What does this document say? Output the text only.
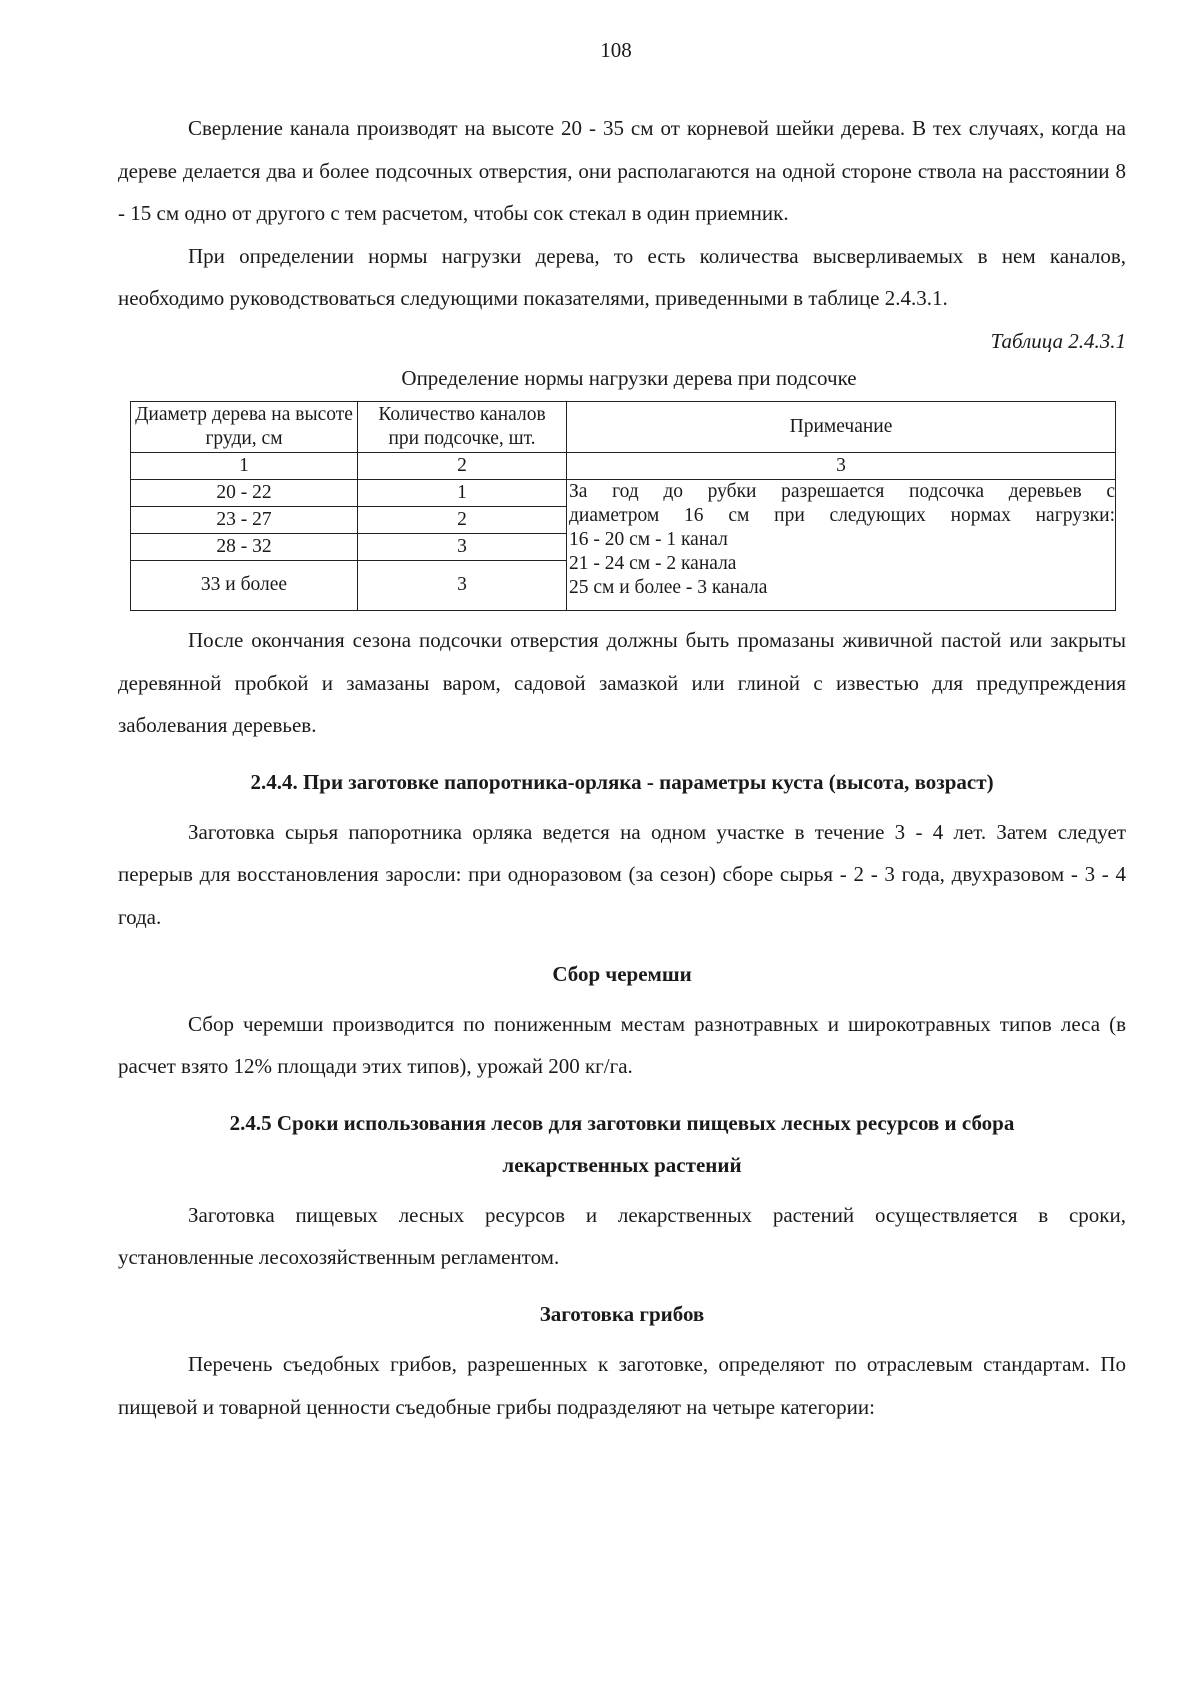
108

Сверление канала производят на высоте 20 - 35 см от корневой шейки дерева. В тех случаях, когда на дереве делается два и более подсочных отверстия, они располагаются на одной стороне ствола на расстоянии 8 - 15 см одно от другого с тем расчетом, чтобы сок стекал в один приемник.

При определении нормы нагрузки дерева, то есть количества высверливаемых в нем каналов, необходимо руководствоваться следующими показателями, приведенными в таблице 2.4.3.1.

Таблица 2.4.3.1

Определение нормы нагрузки дерева при подсочке

Диаметр дерева на высоте груди, см	Количество каналов при подсочке, шт.	Примечание
1	2	3
20 - 22	1	За год до рубки разрешается подсочка деревьев с
диаметром 16 см при следующих нормах нагрузки:
16 - 20 см - 1 канал
21 - 24 см - 2 канала
25 см и более - 3 канала

23 - 27	2	
28 - 32	3	
33 и более	3	

После окончания сезона подсочки отверстия должны быть промазаны живичной пастой или закрыты деревянной пробкой и замазаны варом, садовой замазкой или глиной с известью для предупреждения заболевания деревьев.

2.4.4. При заготовке папоротника-орляка - параметры куста (высота, возраст)

Заготовка сырья папоротника орляка ведется на одном участке в течение 3 - 4 лет. Затем следует перерыв для восстановления заросли: при одноразовом (за сезон) сборе сырья - 2 - 3 года, двухразовом - 3 - 4 года.

Сбор черемши

Сбор черемши производится по пониженным местам разнотравных и широкотравных типов леса (в расчет взято 12% площади этих типов), урожай 200 кг/га.

2.4.5 Сроки использования лесов для заготовки пищевых лесных ресурсов и сбора

лекарственных растений

Заготовка пищевых лесных ресурсов и лекарственных растений осуществляется в сроки, установленные лесохозяйственным регламентом.

Заготовка грибов

Перечень съедобных грибов, разрешенных к заготовке, определяют по отраслевым стандартам. По пищевой и товарной ценности съедобные грибы подразделяют на четыре категории:
